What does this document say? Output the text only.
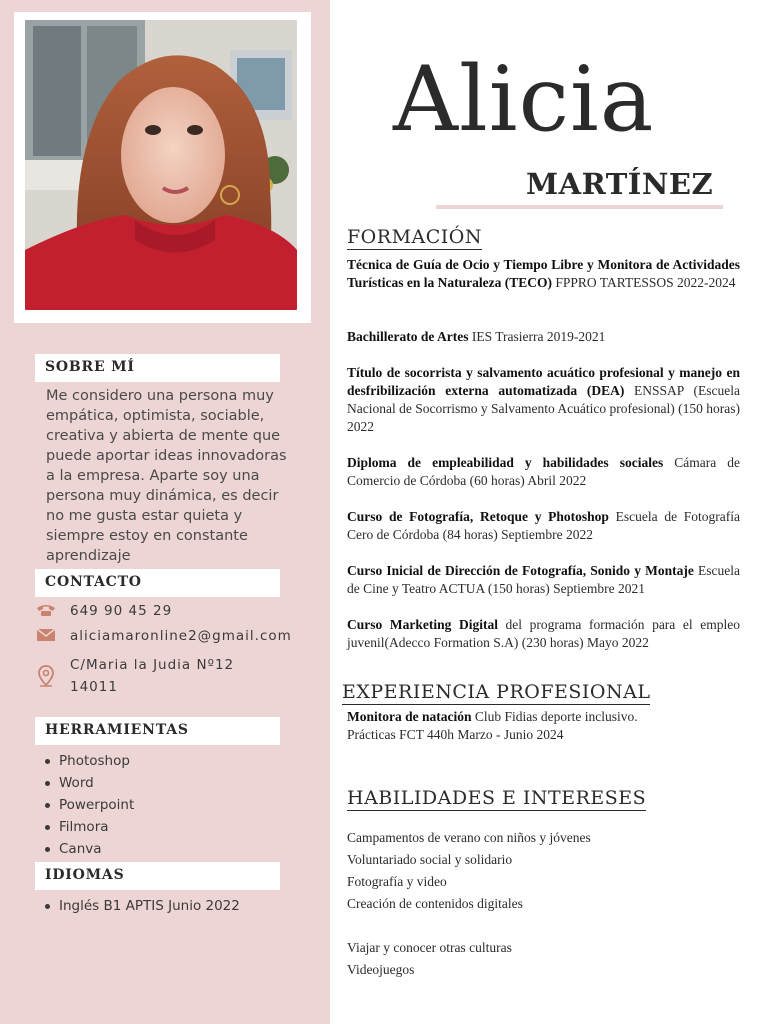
SOBRE MÍ
Me considero una persona muy empática, optimista, sociable, creativa y abierta de mente que puede aportar ideas innovadoras a la empresa. Aparte soy una persona muy dinámica, es decir no me gusta estar quieta y siempre estoy en constante aprendizaje
CONTACTO
649 90 45 29
aliciamaronline2@gmail.com
C/Maria la Judia Nº12
14011
HERRAMIENTAS
Photoshop
Word
Powerpoint
Filmora
Canva
IDIOMAS
Inglés B1 APTIS Junio 2022
Alicia
MARTÍNEZ
FORMACIÓN
Técnica de Guía de Ocio y Tiempo Libre y Monitora de Actividades Turísticas en la Naturaleza (TECO) FPPRO TARTESSOS 2022-2024
Bachillerato de Artes IES Trasierra 2019-2021
Título de socorrista y salvamento acuático profesional y manejo en desfribilización externa automatizada (DEA) ENSSAP (Escuela Nacional de Socorrismo y Salvamento Acuático profesional) (150 horas) 2022
Diploma de empleabilidad y habilidades sociales Cámara de Comercio de Córdoba (60 horas) Abril 2022
Curso de Fotografía, Retoque y Photoshop Escuela de Fotografía Cero de Córdoba (84 horas) Septiembre 2022
Curso Inicial de Dirección de Fotografía, Sonido y Montaje Escuela de Cine y Teatro ACTUA (150 horas) Septiembre 2021
Curso Marketing Digital del programa formación para el empleo juvenil(Adecco Formation S.A) (230 horas) Mayo 2022
EXPERIENCIA PROFESIONAL
Monitora de natación Club Fidias deporte inclusivo.
Prácticas FCT 440h Marzo - Junio 2024
HABILIDADES E INTERESES
Campamentos de verano con niños y jóvenes
Voluntariado social y solidario
Fotografía y video
Creación de contenidos digitales
Viajar y conocer otras culturas
Videojuegos
